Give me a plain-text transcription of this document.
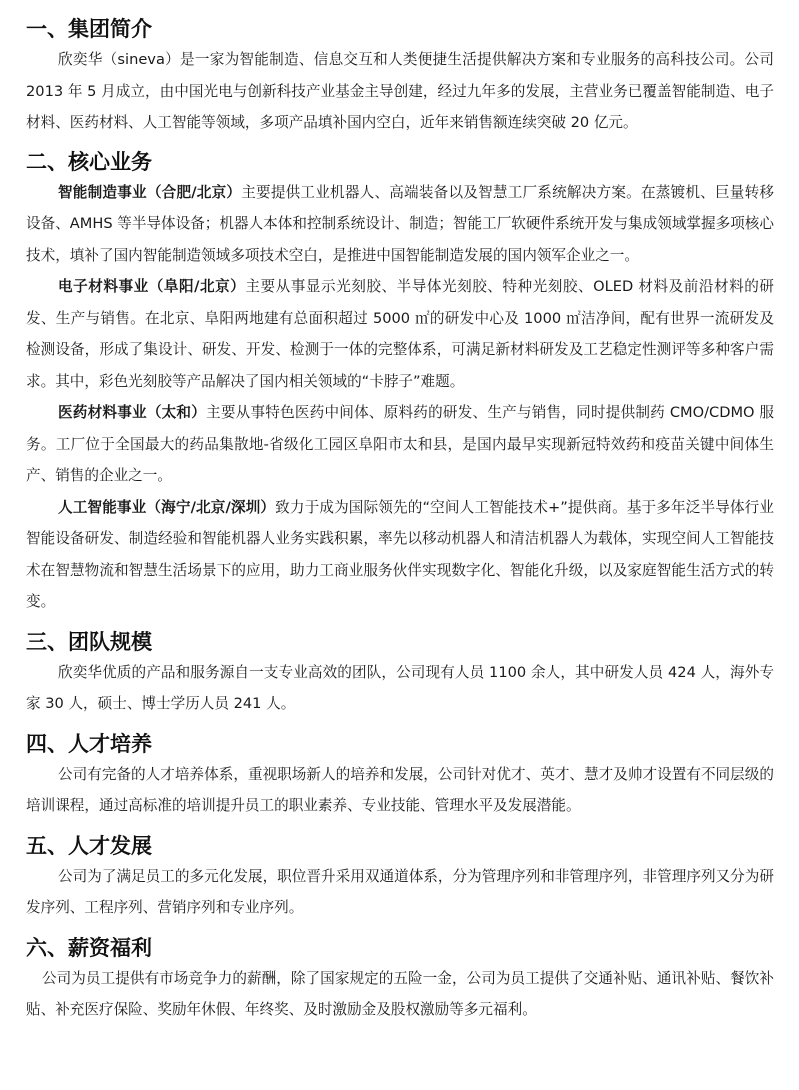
一、集团简介

欣奕华（sineva）是一家为智能制造、信息交互和人类便捷生活提供解决方案和专业服务的高科技公司。公司 2013 年 5 月成立，由中国光电与创新科技产业基金主导创建，经过九年多的发展，主营业务已覆盖智能制造、电子材料、医药材料、人工智能等领域，多项产品填补国内空白，近年来销售额连续突破 20 亿元。

二、核心业务

智能制造事业（合肥/北京）主要提供工业机器人、高端装备以及智慧工厂系统解决方案。在蒸镀机、巨量转移设备、AMHS 等半导体设备；机器人本体和控制系统设计、制造；智能工厂软硬件系统开发与集成领域掌握多项核心技术，填补了国内智能制造领域多项技术空白，是推进中国智能制造发展的国内领军企业之一。

电子材料事业（阜阳/北京）主要从事显示光刻胶、半导体光刻胶、特种光刻胶、OLED 材料及前沿材料的研发、生产与销售。在北京、阜阳两地建有总面积超过 5000 ㎡的研发中心及 1000 ㎡洁净间，配有世界一流研发及检测设备，形成了集设计、研发、开发、检测于一体的完整体系，可满足新材料研发及工艺稳定性测评等多种客户需求。其中，彩色光刻胶等产品解决了国内相关领域的“卡脖子”难题。

医药材料事业（太和）主要从事特色医药中间体、原料药的研发、生产与销售，同时提供制药 CMO/CDMO 服务。工厂位于全国最大的药品集散地-省级化工园区阜阳市太和县，是国内最早实现新冠特效药和疫苗关键中间体生产、销售的企业之一。

人工智能事业（海宁/北京/深圳）致力于成为国际领先的“空间人工智能技术+”提供商。基于多年泛半导体行业智能设备研发、制造经验和智能机器人业务实践积累，率先以移动机器人和清洁机器人为载体，实现空间人工智能技术在智慧物流和智慧生活场景下的应用，助力工商业服务伙伴实现数字化、智能化升级，以及家庭智能生活方式的转变。

三、团队规模

欣奕华优质的产品和服务源自一支专业高效的团队，公司现有人员 1100 余人，其中研发人员 424 人，海外专家 30 人，硕士、博士学历人员 241 人。

四、人才培养

公司有完备的人才培养体系，重视职场新人的培养和发展，公司针对优才、英才、慧才及帅才设置有不同层级的培训课程，通过高标准的培训提升员工的职业素养、专业技能、管理水平及发展潜能。

五、人才发展

公司为了满足员工的多元化发展，职位晋升采用双通道体系，分为管理序列和非管理序列，非管理序列又分为研发序列、工程序列、营销序列和专业序列。

六、薪资福利

公司为员工提供有市场竞争力的薪酬，除了国家规定的五险一金，公司为员工提供了交通补贴、通讯补贴、餐饮补贴、补充医疗保险、奖励年休假、年终奖、及时激励金及股权激励等多元福利。
